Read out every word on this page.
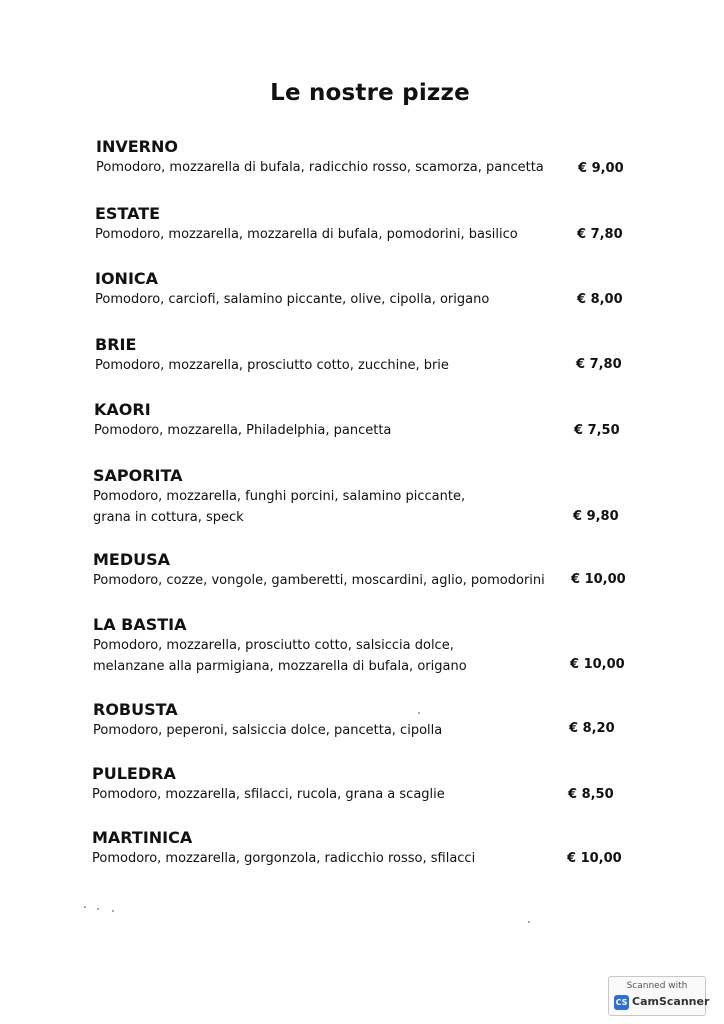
Le nostre pizze
INVERNO
Pomodoro, mozzarella di bufala, radicchio rosso, scamorza, pancetta	€ 9,00
ESTATE
Pomodoro, mozzarella, mozzarella di bufala, pomodorini, basilico	€ 7,80
IONICA
Pomodoro, carciofi, salamino piccante, olive, cipolla, origano	€ 8,00
BRIE
Pomodoro, mozzarella, prosciutto cotto, zucchine, brie	€ 7,80
KAORI
Pomodoro, mozzarella, Philadelphia, pancetta	€ 7,50
SAPORITA
Pomodoro, mozzarella, funghi porcini, salamino piccante,
grana in cottura, speck	€ 9,80
MEDUSA
Pomodoro, cozze, vongole, gamberetti, moscardini, aglio, pomodorini	€ 10,00
LA BASTIA
Pomodoro, mozzarella, prosciutto cotto, salsiccia dolce,
melanzane alla parmigiana, mozzarella di bufala, origano	€ 10,00
ROBUSTA
Pomodoro, peperoni, salsiccia dolce, pancetta, cipolla	€ 8,20
PULEDRA
Pomodoro, mozzarella, sfilacci, rucola, grana a scaglie	€ 8,50
MARTINICA
Pomodoro, mozzarella, gorgonzola, radicchio rosso, sfilacci	€ 10,00
Scanned with
CS CamScanner
